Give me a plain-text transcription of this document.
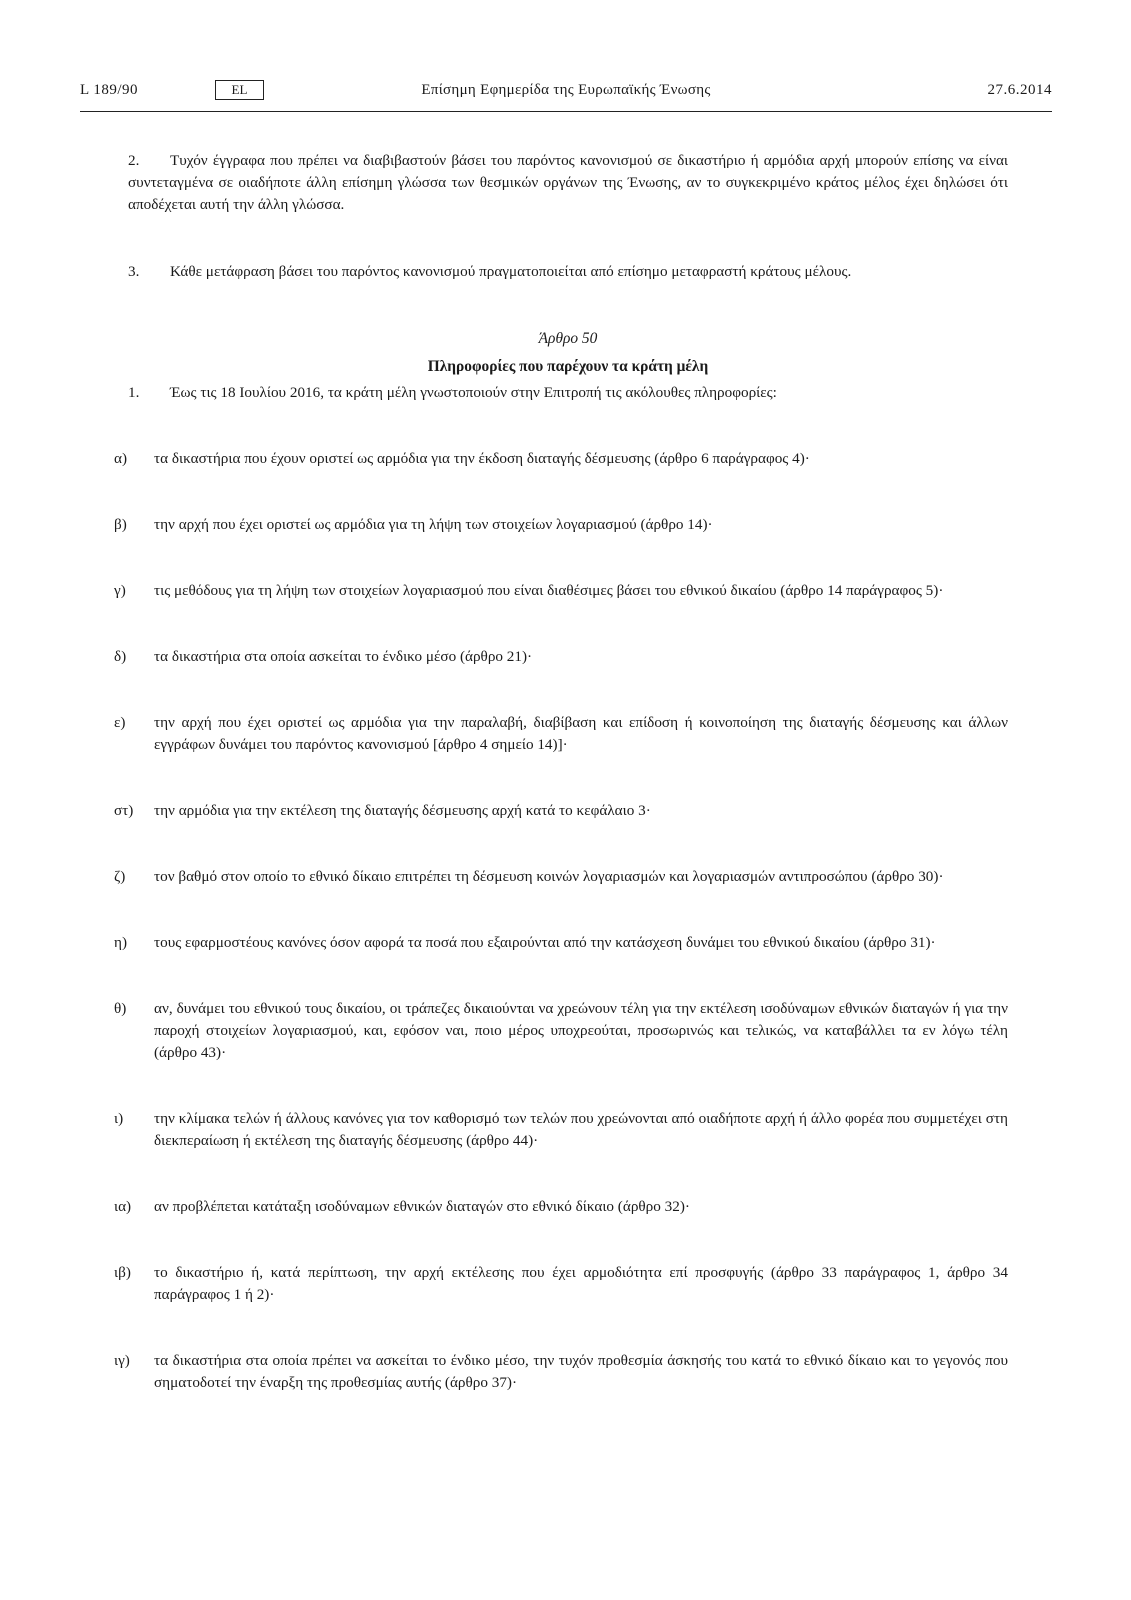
L 189/90	EL	Επίσημη Εφημερίδα της Ευρωπαϊκής Ένωσης	27.6.2014

2. Τυχόν έγγραφα που πρέπει να διαβιβαστούν βάσει του παρόντος κανονισμού σε δικαστήριο ή αρμόδια αρχή μπορούν επίσης να είναι συντεταγμένα σε οιαδήποτε άλλη επίσημη γλώσσα των θεσμικών οργάνων της Ένωσης, αν το συγκεκριμένο κράτος μέλος έχει δηλώσει ότι αποδέχεται αυτή την άλλη γλώσσα.

3. Κάθε μετάφραση βάσει του παρόντος κανονισμού πραγματοποιείται από επίσημο μεταφραστή κράτους μέλους.

Άρθρο 50

Πληροφορίες που παρέχουν τα κράτη μέλη

1. Έως τις 18 Ιουλίου 2016, τα κράτη μέλη γνωστοποιούν στην Επιτροπή τις ακόλουθες πληροφορίες:

α)	τα δικαστήρια που έχουν οριστεί ως αρμόδια για την έκδοση διαταγής δέσμευσης (άρθρο 6 παράγραφος 4)·

β)	την αρχή που έχει οριστεί ως αρμόδια για τη λήψη των στοιχείων λογαριασμού (άρθρο 14)·

γ)	τις μεθόδους για τη λήψη των στοιχείων λογαριασμού που είναι διαθέσιμες βάσει του εθνικού δικαίου (άρθρο 14 παράγραφος 5)·

δ)	τα δικαστήρια στα οποία ασκείται το ένδικο μέσο (άρθρο 21)·

ε)	την αρχή που έχει οριστεί ως αρμόδια για την παραλαβή, διαβίβαση και επίδοση ή κοινοποίηση της διαταγής δέσμευσης και άλλων εγγράφων δυνάμει του παρόντος κανονισμού [άρθρο 4 σημείο 14)]·

στ)	την αρμόδια για την εκτέλεση της διαταγής δέσμευσης αρχή κατά το κεφάλαιο 3·

ζ)	τον βαθμό στον οποίο το εθνικό δίκαιο επιτρέπει τη δέσμευση κοινών λογαριασμών και λογαριασμών αντιπροσώπου (άρθρο 30)·

η)	τους εφαρμοστέους κανόνες όσον αφορά τα ποσά που εξαιρούνται από την κατάσχεση δυνάμει του εθνικού δικαίου (άρθρο 31)·

θ)	αν, δυνάμει του εθνικού τους δικαίου, οι τράπεζες δικαιούνται να χρεώνουν τέλη για την εκτέλεση ισοδύναμων εθνικών διαταγών ή για την παροχή στοιχείων λογαριασμού, και, εφόσον ναι, ποιο μέρος υποχρεούται, προσωρινώς και τελικώς, να καταβάλλει τα εν λόγω τέλη (άρθρο 43)·

ι)	την κλίμακα τελών ή άλλους κανόνες για τον καθορισμό των τελών που χρεώνονται από οιαδήποτε αρχή ή άλλο φορέα που συμμετέχει στη διεκπεραίωση ή εκτέλεση της διαταγής δέσμευσης (άρθρο 44)·

ια)	αν προβλέπεται κατάταξη ισοδύναμων εθνικών διαταγών στο εθνικό δίκαιο (άρθρο 32)·

ιβ)	το δικαστήριο ή, κατά περίπτωση, την αρχή εκτέλεσης που έχει αρμοδιότητα επί προσφυγής (άρθρο 33 παράγραφος 1, άρθρο 34 παράγραφος 1 ή 2)·

ιγ)	τα δικαστήρια στα οποία πρέπει να ασκείται το ένδικο μέσο, την τυχόν προθεσμία άσκησής του κατά το εθνικό δίκαιο και το γεγονός που σηματοδοτεί την έναρξη της προθεσμίας αυτής (άρθρο 37)·
